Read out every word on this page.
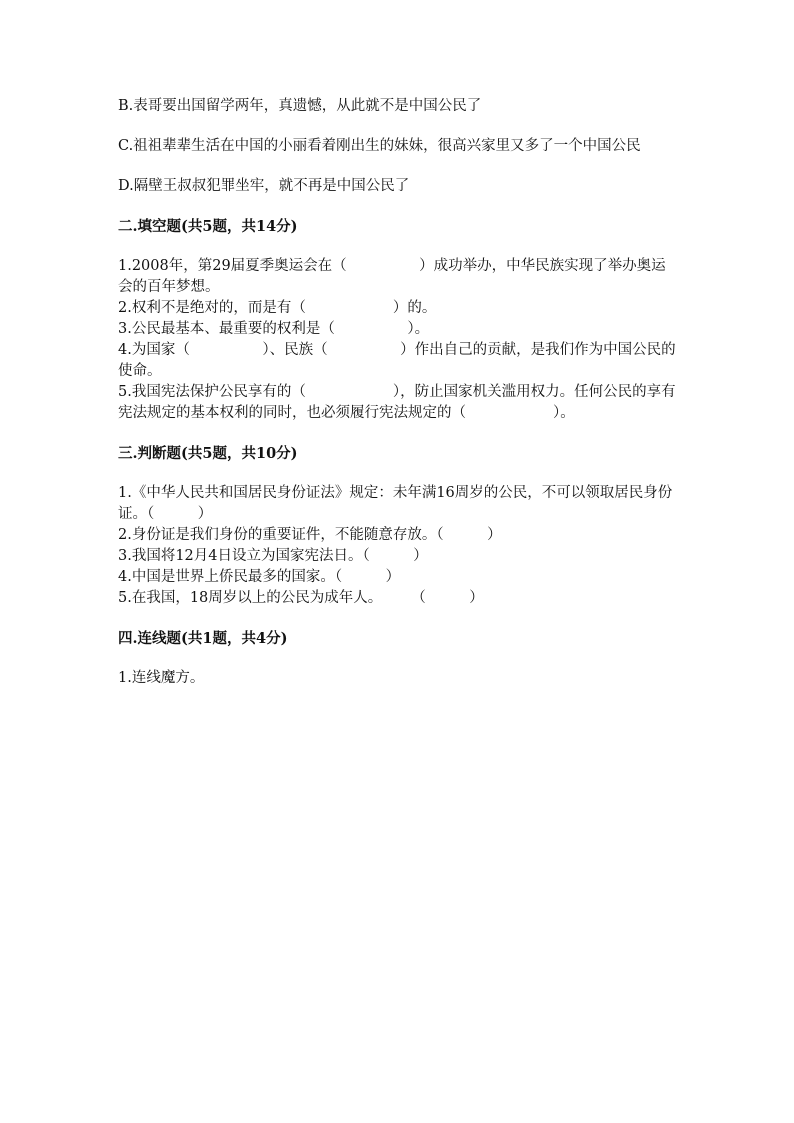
B.表哥要出国留学两年，真遗憾，从此就不是中国公民了

C.祖祖辈辈生活在中国的小丽看着刚出生的妹妹，很高兴家里又多了一个中国公民

D.隔壁王叔叔犯罪坐牢，就不再是中国公民了

二.填空题(共5题，共14分)

1.2008年，第29届夏季奥运会在（　　　　　）成功举办，中华民族实现了举办奥运会的百年梦想。

2.权利不是绝对的，而是有（　　　　　　）的。

3.公民最基本、最重要的权利是（　　　　　）。

4.为国家（　　　　　）、民族（　　　　　）作出自己的贡献，是我们作为中国公民的使命。

5.我国宪法保护公民享有的（　　　　　　），防止国家机关滥用权力。任何公民的享有宪法规定的基本权利的同时，也必须履行宪法规定的（　　　　　　）。

三.判断题(共5题，共10分)

1.《中华人民共和国居民身份证法》规定：未年满16周岁的公民，不可以领取居民身份证。（　　　）

2.身份证是我们身份的重要证件，不能随意存放。（　　　）

3.我国将12月4日设立为国家宪法日。（　　　）

4.中国是世界上侨民最多的国家。（　　　）

5.在我国，18周岁以上的公民为成年人。　　　（　　　）

四.连线题(共1题，共4分)

1.连线魔方。
